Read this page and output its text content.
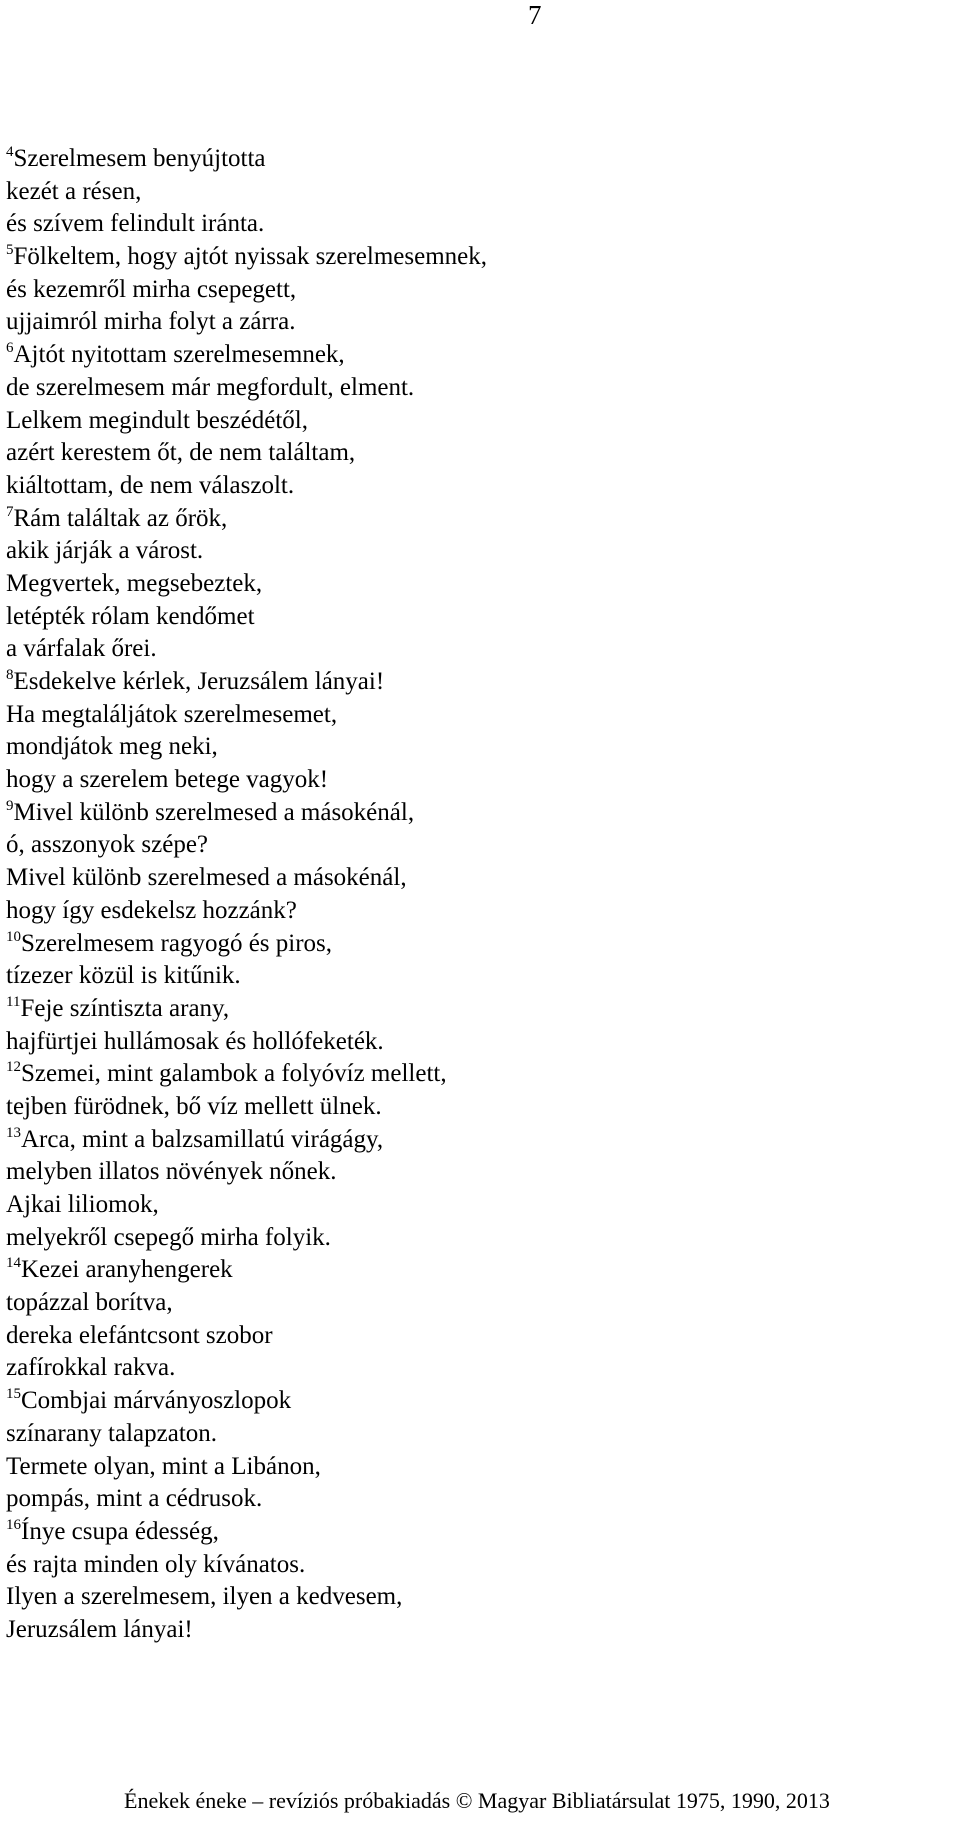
7
$^4$Szerelmesem benyújtotta
kezét a résen,
és szívem felindult iránta.
$^5$Fölkeltem, hogy ajtót nyissak szerelmesemnek,
és kezemről mirha csepegett,
ujjaimról mirha folyt a zárra.
$^6$Ajtót nyitottam szerelmesemnek,
de szerelmesem már megfordult, elment.
Lelkem megindult beszédétől,
azért kerestem őt, de nem találtam,
kiáltottam, de nem válaszolt.
$^7$Rám találtak az őrök,
akik járják a várost.
Megvertek, megsebeztek,
letépték rólam kendőmet
a várfalak őrei.
$^8$Esdekelve kérlek, Jeruzsálem lányai!
Ha megtaláljátok szerelmesemet,
mondjátok meg neki,
hogy a szerelem betege vagyok!
$^9$Mivel különb szerelmesed a másokénál,
ó, asszonyok szépe?
Mivel különb szerelmesed a másokénál,
hogy így esdekelsz hozzánk?
$^{10}$Szerelmesem ragyogó és piros,
tízezer közül is kitűnik.
$^{11}$Feje színtiszta arany,
hajfürtjei hullámosak és hollófeketék.
$^{12}$Szemei, mint galambok a folyóvíz mellett,
tejben fürödnek, bő víz mellett ülnek.
$^{13}$Arca, mint a balzsamillatú virágágy,
melyben illatos növények nőnek.
Ajkai liliomok,
melyekről csepegő mirha folyik.
$^{14}$Kezei aranyhengerek
topázzal borítva,
dereka elefántcsont szobor
zafírokkal rakva.
$^{15}$Combjai márványoszlopok
színarany talapzaton.
Termete olyan, mint a Libánon,
pompás, mint a cédrusok.
$^{16}$Ínye csupa édesség,
és rajta minden oly kívánatos.
Ilyen a szerelmesem, ilyen a kedvesem,
Jeruzsálem lányai!
Énekek éneke – revíziós próbakiadás © Magyar Bibliatársulat 1975, 1990, 2013
